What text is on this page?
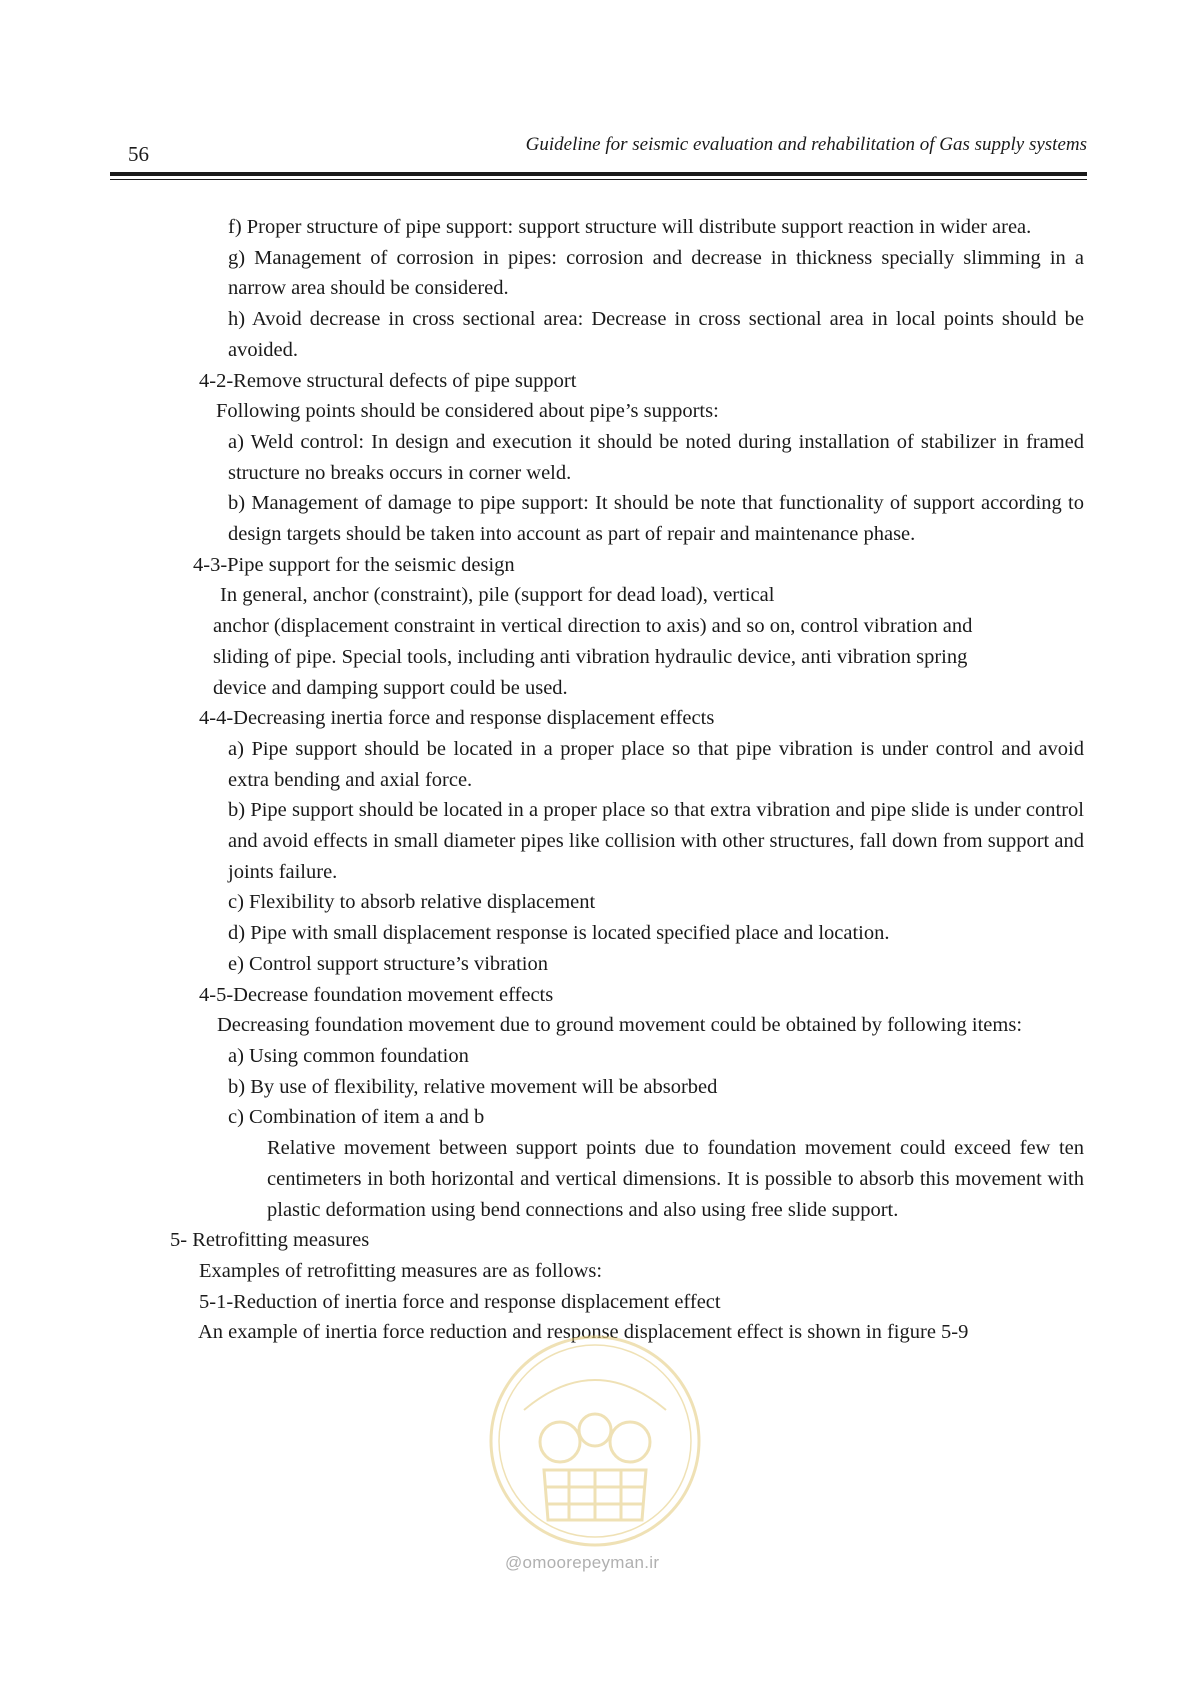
56	Guideline for seismic evaluation and rehabilitation of Gas supply systems
f) Proper structure of pipe support: support structure will distribute support reaction in wider area.
g) Management of corrosion in pipes: corrosion and decrease in thickness specially slimming in a narrow area should be considered.
h) Avoid decrease in cross sectional area: Decrease in cross sectional area in local points should be avoided.
4-2-Remove structural defects of pipe support
Following points should be considered about pipe’s supports:
a) Weld control: In design and execution it should be noted during installation of stabilizer in framed structure no breaks occurs in corner weld.
b) Management of damage to pipe support: It should be note that functionality of support according to design targets should be taken into account as part of repair and maintenance phase.
4-3-Pipe support for the seismic design
In general, anchor (constraint), pile (support for dead load), vertical
anchor (displacement constraint in vertical direction to axis) and so on, control vibration and
sliding of pipe. Special tools, including anti vibration hydraulic device, anti vibration spring
device and damping support could be used.
4-4-Decreasing inertia force and response displacement effects
a) Pipe support should be located in a proper place so that pipe vibration is under control and avoid extra bending and axial force.
b) Pipe support should be located in a proper place so that extra vibration and pipe slide is under control and avoid effects in small diameter pipes like collision with other structures, fall down from support and joints failure.
c) Flexibility to absorb relative displacement
d) Pipe with small displacement response is located specified place and location.
e) Control support structure’s vibration
4-5-Decrease foundation movement effects
Decreasing foundation movement due to ground movement could be obtained by following items:
a) Using common foundation
b) By use of flexibility, relative movement will be absorbed
c) Combination of item a and b
Relative movement between support points due to foundation movement could exceed few ten centimeters in both horizontal and vertical dimensions. It is possible to absorb this movement with plastic deformation using bend connections and also using free slide support.
5- Retrofitting measures
Examples of retrofitting measures are as follows:
5-1-Reduction of inertia force and response displacement effect
An example of inertia force reduction and response displacement effect is shown in figure 5-9
@omoorepeyman.ir
